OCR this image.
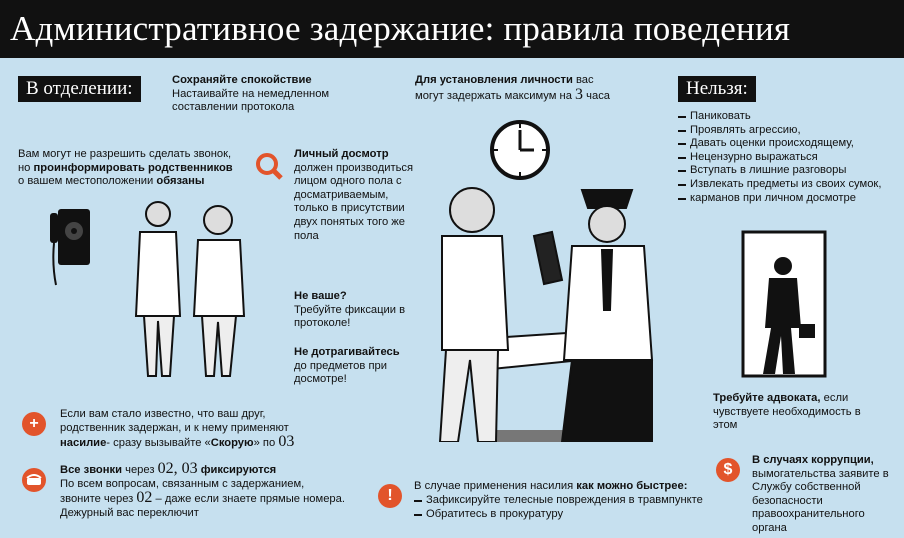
Административное задержание: правила поведения
В отделении:	Сохраняйте спокойствие
Настаивайте на немедленном составлении протокола
Для установления личности вас могут задержать максимум на 3 часа	Нельзя:
Паниковать
Проявлять агрессию,
Давать оценки происходящему,
Нецензурно выражаться
Вступать в лишние разговоры
Извлекать предметы из своих сумок,
карманов при личном досмотре
Вам могут не разрешить сделать звонок,
но проинформировать родственников
о вашем местоположении обязаны
Личный досмотр
должен производиться лицом одного пола с досматриваемым, только в присутствии двух понятых того же пола
Не ваше?
Требуйте фиксации в протоколе!
Не дотрагивайтесь
до предметов при досмотре!
Требуйте адвоката, если чувствуете необходимость в этом
+
Если вам стало известно, что ваш друг,
родственник задержан, и к нему применяют
насилие- сразу вызывайте «Скорую» по 03
Все звонки через 02, 03 фиксируются
По всем вопросам, связанным с задержанием,
звоните через 02 – даже если знаете прямые номера.
Дежурный вас переключит
!
В случае применения насилия как можно быстрее:
Зафиксируйте телесные повреждения в травмпункте
Обратитесь в прокуратуру
$
В случаях коррупции, вымогательства заявите в Службу собственной безопасности правоохранительного органа
